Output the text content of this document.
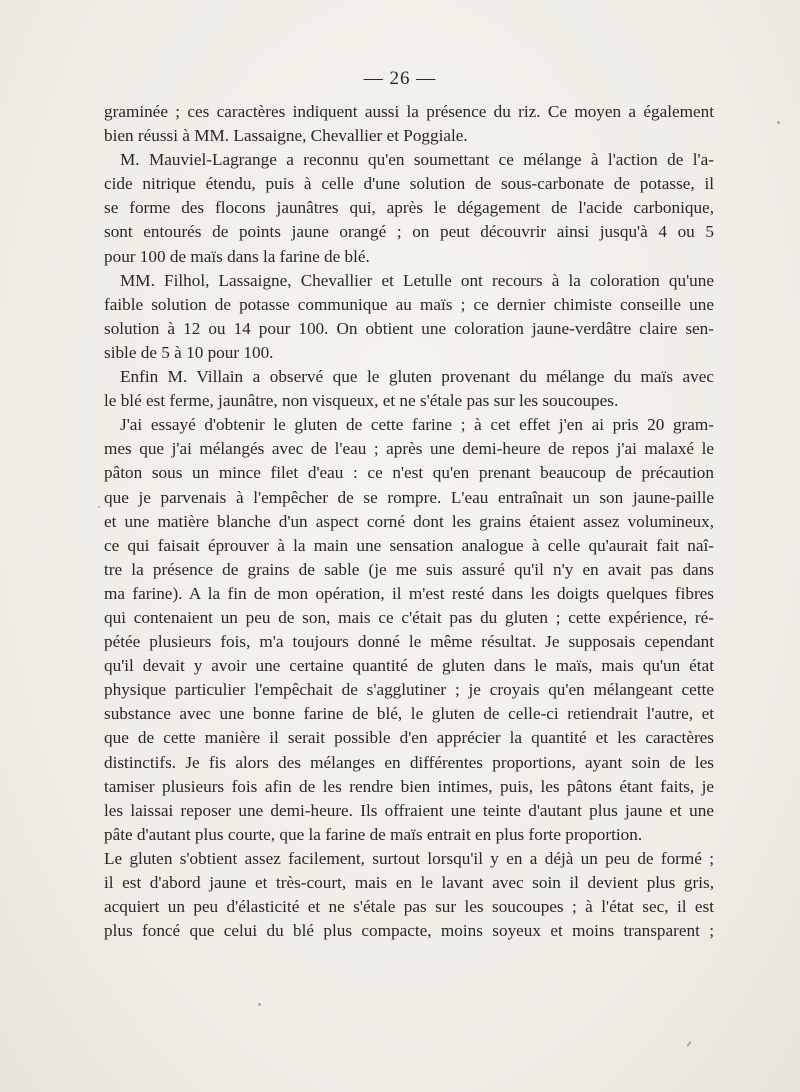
— 26 —
graminée ; ces caractères indiquent aussi la présence du riz. Ce moyen a également
bien réussi à MM. Lassaigne, Chevallier et Poggiale.
M. Mauviel-Lagrange a reconnu qu'en soumettant ce mélange à l'action de l'a-
cide nitrique étendu, puis à celle d'une solution de sous-carbonate de potasse, il
se forme des flocons jaunâtres qui, après le dégagement de l'acide carbonique,
sont entourés de points jaune orangé ; on peut découvrir ainsi jusqu'à 4 ou 5
pour 100 de maïs dans la farine de blé.
MM. Filhol, Lassaigne, Chevallier et Letulle ont recours à la coloration qu'une
faible solution de potasse communique au maïs ; ce dernier chimiste conseille une
solution à 12 ou 14 pour 100. On obtient une coloration jaune-verdâtre claire sen-
sible de 5 à 10 pour 100.
Enfin M. Villain a observé que le gluten provenant du mélange du maïs avec
le blé est ferme, jaunâtre, non visqueux, et ne s'étale pas sur les soucoupes.
J'ai essayé d'obtenir le gluten de cette farine ; à cet effet j'en ai pris 20 gram-
mes que j'ai mélangés avec de l'eau ; après une demi-heure de repos j'ai malaxé le
pâton sous un mince filet d'eau : ce n'est qu'en prenant beaucoup de précaution
que je parvenais à l'empêcher de se rompre. L'eau entraînait un son jaune-paille
et une matière blanche d'un aspect corné dont les grains étaient assez volumineux,
ce qui faisait éprouver à la main une sensation analogue à celle qu'aurait fait naî-
tre la présence de grains de sable (je me suis assuré qu'il n'y en avait pas dans
ma farine). A la fin de mon opération, il m'est resté dans les doigts quelques fibres
qui contenaient un peu de son, mais ce c'était pas du gluten ; cette expérience, ré-
pétée plusieurs fois, m'a toujours donné le même résultat. Je supposais cependant
qu'il devait y avoir une certaine quantité de gluten dans le maïs, mais qu'un état
physique particulier l'empêchait de s'agglutiner ; je croyais qu'en mélangeant cette
substance avec une bonne farine de blé, le gluten de celle-ci retiendrait l'autre, et
que de cette manière il serait possible d'en apprécier la quantité et les caractères
distinctifs. Je fis alors des mélanges en différentes proportions, ayant soin de les
tamiser plusieurs fois afin de les rendre bien intimes, puis, les pâtons étant faits, je
les laissai reposer une demi-heure. Ils offraient une teinte d'autant plus jaune et une
pâte d'autant plus courte, que la farine de maïs entrait en plus forte proportion.
Le gluten s'obtient assez facilement, surtout lorsqu'il y en a déjà un peu de formé ;
il est d'abord jaune et très-court, mais en le lavant avec soin il devient plus gris,
acquiert un peu d'élasticité et ne s'étale pas sur les soucoupes ; à l'état sec, il est
plus foncé que celui du blé plus compacte, moins soyeux et moins transparent ;
